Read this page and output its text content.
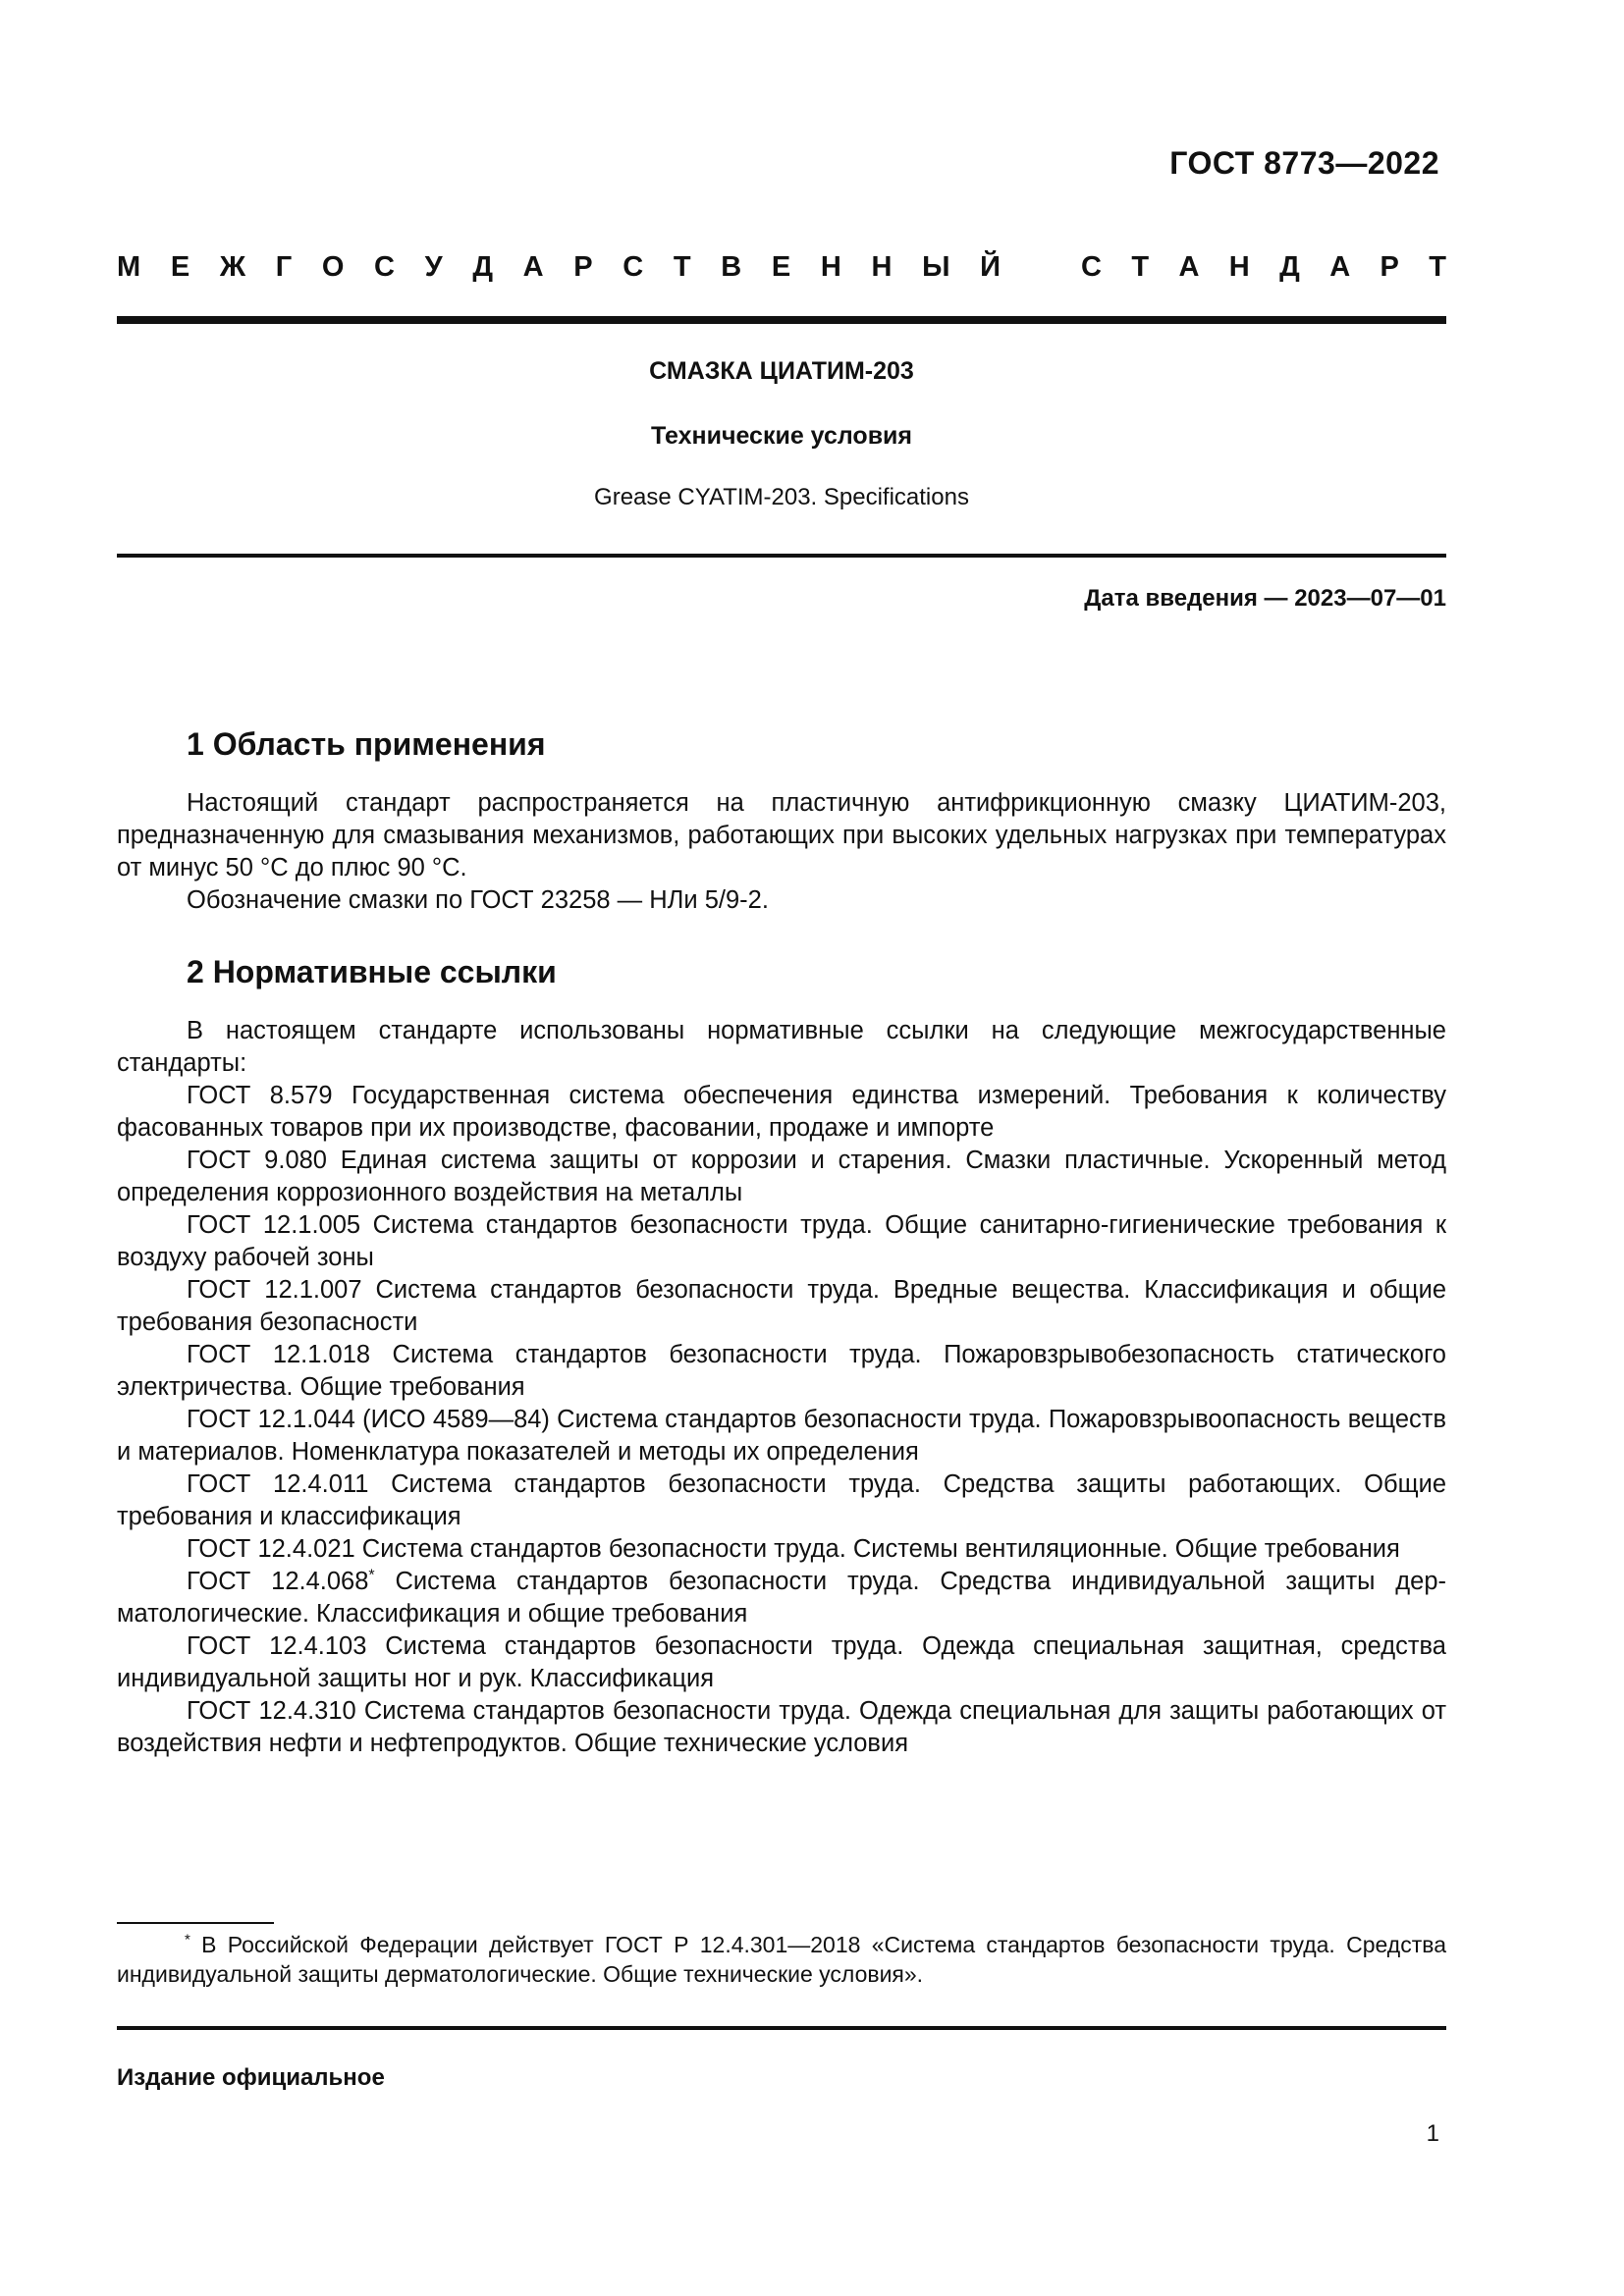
ГОСТ 8773—2022
М Е Ж Г О С У Д А Р С Т В Е Н Н Ы Й	С Т А Н Д А Р Т
СМАЗКА ЦИАТИМ-203
Технические условия
Grease CYATIM-203. Specifications
Дата введения — 2023—07—01
1 Область применения

Настоящий стандарт распространяется на пластичную антифрикционную смазку ЦИАТИМ-203, предназначенную для смазывания механизмов, работающих при высоких удельных нагрузках при температурах от минус 50 °С до плюс 90 °С.

Обозначение смазки по ГОСТ 23258 — НЛи 5/9-2.

2 Нормативные ссылки

В настоящем стандарте использованы нормативные ссылки на следующие межгосударственные стандарты:

ГОСТ 8.579 Государственная система обеспечения единства измерений. Требования к количеству фасованных товаров при их производстве, фасовании, продаже и импорте

ГОСТ 9.080 Единая система защиты от коррозии и старения. Смазки пластичные. Ускоренный метод определения коррозионного воздействия на металлы

ГОСТ 12.1.005 Система стандартов безопасности труда. Общие санитарно-гигиенические требования к воздуху рабочей зоны

ГОСТ 12.1.007 Система стандартов безопасности труда. Вредные вещества. Классификация и общие требования безопасности

ГОСТ 12.1.018 Система стандартов безопасности труда. Пожаровзрывобезопасность статического электричества. Общие требования

ГОСТ 12.1.044 (ИСО 4589—84) Система стандартов безопасности труда. Пожаровзрывоопасность веществ и материалов. Номенклатура показателей и методы их определения

ГОСТ 12.4.011 Система стандартов безопасности труда. Средства защиты работающих. Общие требования и классификация

ГОСТ 12.4.021 Система стандартов безопасности труда. Системы вентиляционные. Общие требования

ГОСТ 12.4.068* Система стандартов безопасности труда. Средства индивидуальной защиты дерматологические. Классификация и общие требования

ГОСТ 12.4.103 Система стандартов безопасности труда. Одежда специальная защитная, средства индивидуальной защиты ног и рук. Классификация

ГОСТ 12.4.310 Система стандартов безопасности труда. Одежда специальная для защиты работающих от воздействия нефти и нефтепродуктов. Общие технические условия

* В Российской Федерации действует ГОСТ Р 12.4.301—2018 «Система стандартов безопасности труда. Средства индивидуальной защиты дерматологические. Общие технические условия».
Издание официальное
1
